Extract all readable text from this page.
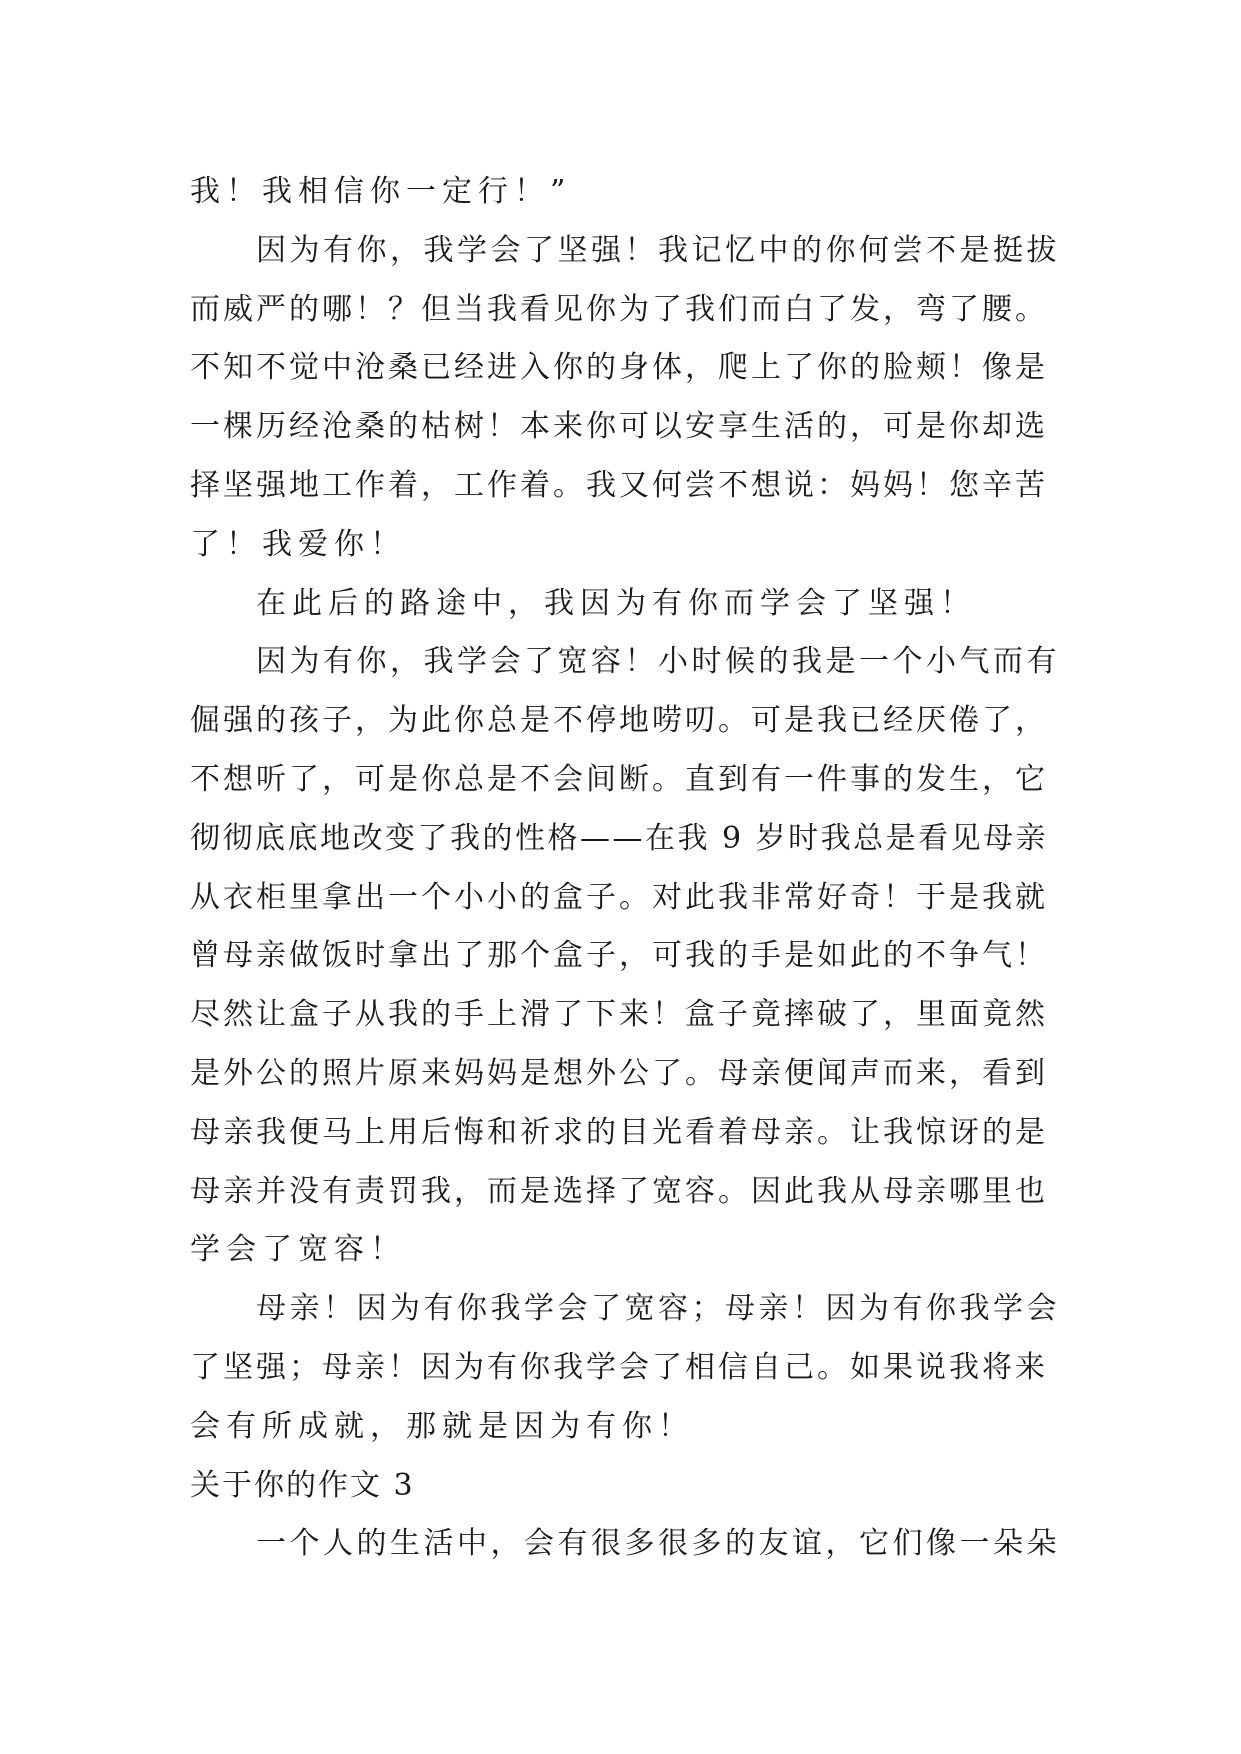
我！我相信你一定行！”
因为有你，我学会了坚强！我记忆中的你何尝不是挺拔
而威严的哪！？但当我看见你为了我们而白了发，弯了腰。
不知不觉中沧桑已经进入你的身体，爬上了你的脸颊！像是
一棵历经沧桑的枯树！本来你可以安享生活的，可是你却选
择坚强地工作着，工作着。我又何尝不想说：妈妈！您辛苦
了！我爱你！
在此后的路途中，我因为有你而学会了坚强！
因为有你，我学会了宽容！小时候的我是一个小气而有
倔强的孩子，为此你总是不停地唠叨。可是我已经厌倦了，
不想听了，可是你总是不会间断。直到有一件事的发生，它
彻彻底底地改变了我的性格——在我 9 岁时我总是看见母亲
从衣柜里拿出一个小小的盒子。对此我非常好奇！于是我就
曾母亲做饭时拿出了那个盒子，可我的手是如此的不争气！
尽然让盒子从我的手上滑了下来！盒子竟摔破了，里面竟然
是外公的照片原来妈妈是想外公了。母亲便闻声而来，看到
母亲我便马上用后悔和祈求的目光看着母亲。让我惊讶的是
母亲并没有责罚我，而是选择了宽容。因此我从母亲哪里也
学会了宽容！
母亲！因为有你我学会了宽容；母亲！因为有你我学会
了坚强；母亲！因为有你我学会了相信自己。如果说我将来
会有所成就，那就是因为有你！
关于你的作文 3
一个人的生活中，会有很多很多的友谊，它们像一朵朵
